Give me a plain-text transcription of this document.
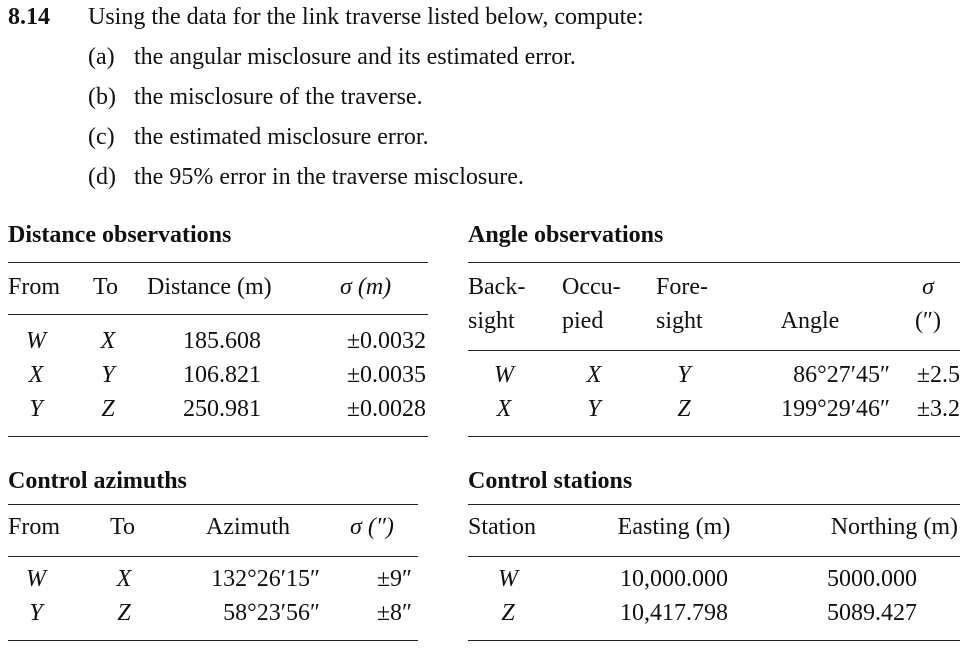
8.14 Using the data for the link traverse listed below, compute:
(a) the angular misclosure and its estimated error.
(b) the misclosure of the traverse.
(c) the estimated misclosure error.
(d) the 95% error in the traverse misclosure.
Distance observations
From To Distance (m)	σ (m)
W X	185.608	±0.0032
X Y	106.821	±0.0035
Y Z	250.981	±0.0028
Angle observations
Back- Occu- Fore-	σ
sight pied sight	Angle	(″)
W	X	Y	86°27′45″ ±2.5
X	Y	Z	199°29′46″ ±3.2
Control azimuths
From To	Azimuth	σ (″)
W	X	132°26′15″ ±9″
Y	Z	58°23′56″ ±8″
Control stations
Station	Easting (m)	Northing (m)
W	10,000.000	5000.000
Z	10,417.798	5089.427
